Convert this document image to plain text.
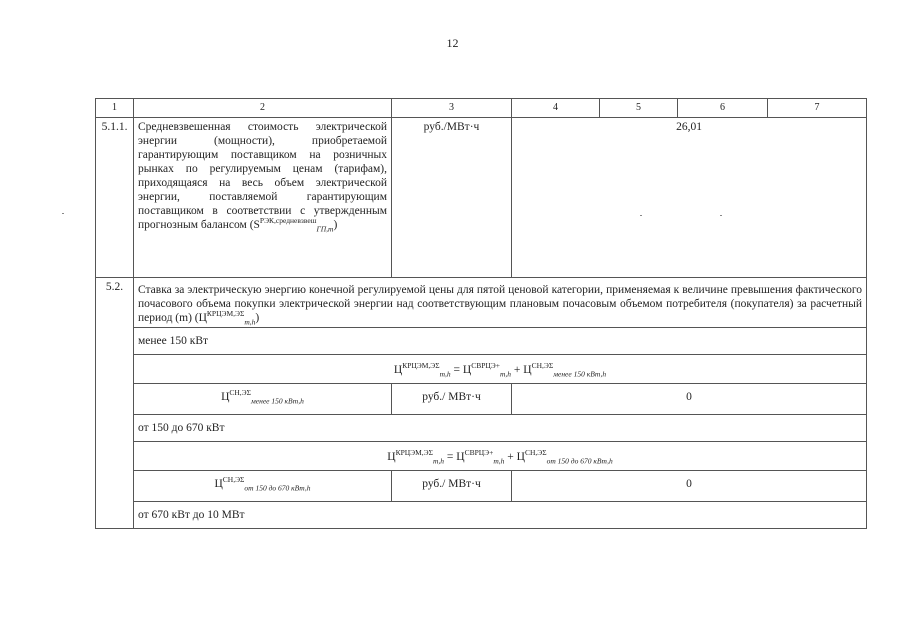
12
1	2	3	4	5	6	7
5.1.1.	Средневзвешенная стоимость электрической энергии (мощности), приобретаемой гарантирующим поставщиком на розничных рынках по регулируемым ценам (тарифам), приходящаяся на весь объем электрической энергии, поставляемой гарантирующим поставщиком в соответствии с утвержденным прогнозным балансом $(S^{РЭК,средневзвеш}_{ГП,m})$	руб./МВт·ч	26,01			
5.2.	Ставка за электрическую энергию конечной регулируемой цены для пятой ценовой категории, применяемая к величине превышения фактического почасового объема покупки электрической энергии над соответствующим плановым почасовым объемом потребителя (покупателя) за расчетный период (m) $(Ц^{КРЦЭМ,Э\Sigma}_{m,h})$					
	менее 150 кВт					
	$Ц^{КРЦЭМ,Э\Sigma}_{m,h} = Ц^{СВРЦЭ+}_{m,h} + Ц^{СН,Э\Sigma}_{менее 150 кВт,h}$
	$Ц^{СН,Э\Sigma}_{менее 150 кВт,h}$	руб./ МВт·ч	0			
	от 150 до 670 кВт					
	$Ц^{КРЦЭМ,Э\Sigma}_{m,h} = Ц^{СВРЦЭ+}_{m,h} + Ц^{СН,Э\Sigma}_{от 150 до 670 кВт,h}$
	$Ц^{СН,Э\Sigma}_{от 150 до 670 кВт,h}$	руб./ МВт·ч	0			
	от 670 кВт до 10 МВт					
